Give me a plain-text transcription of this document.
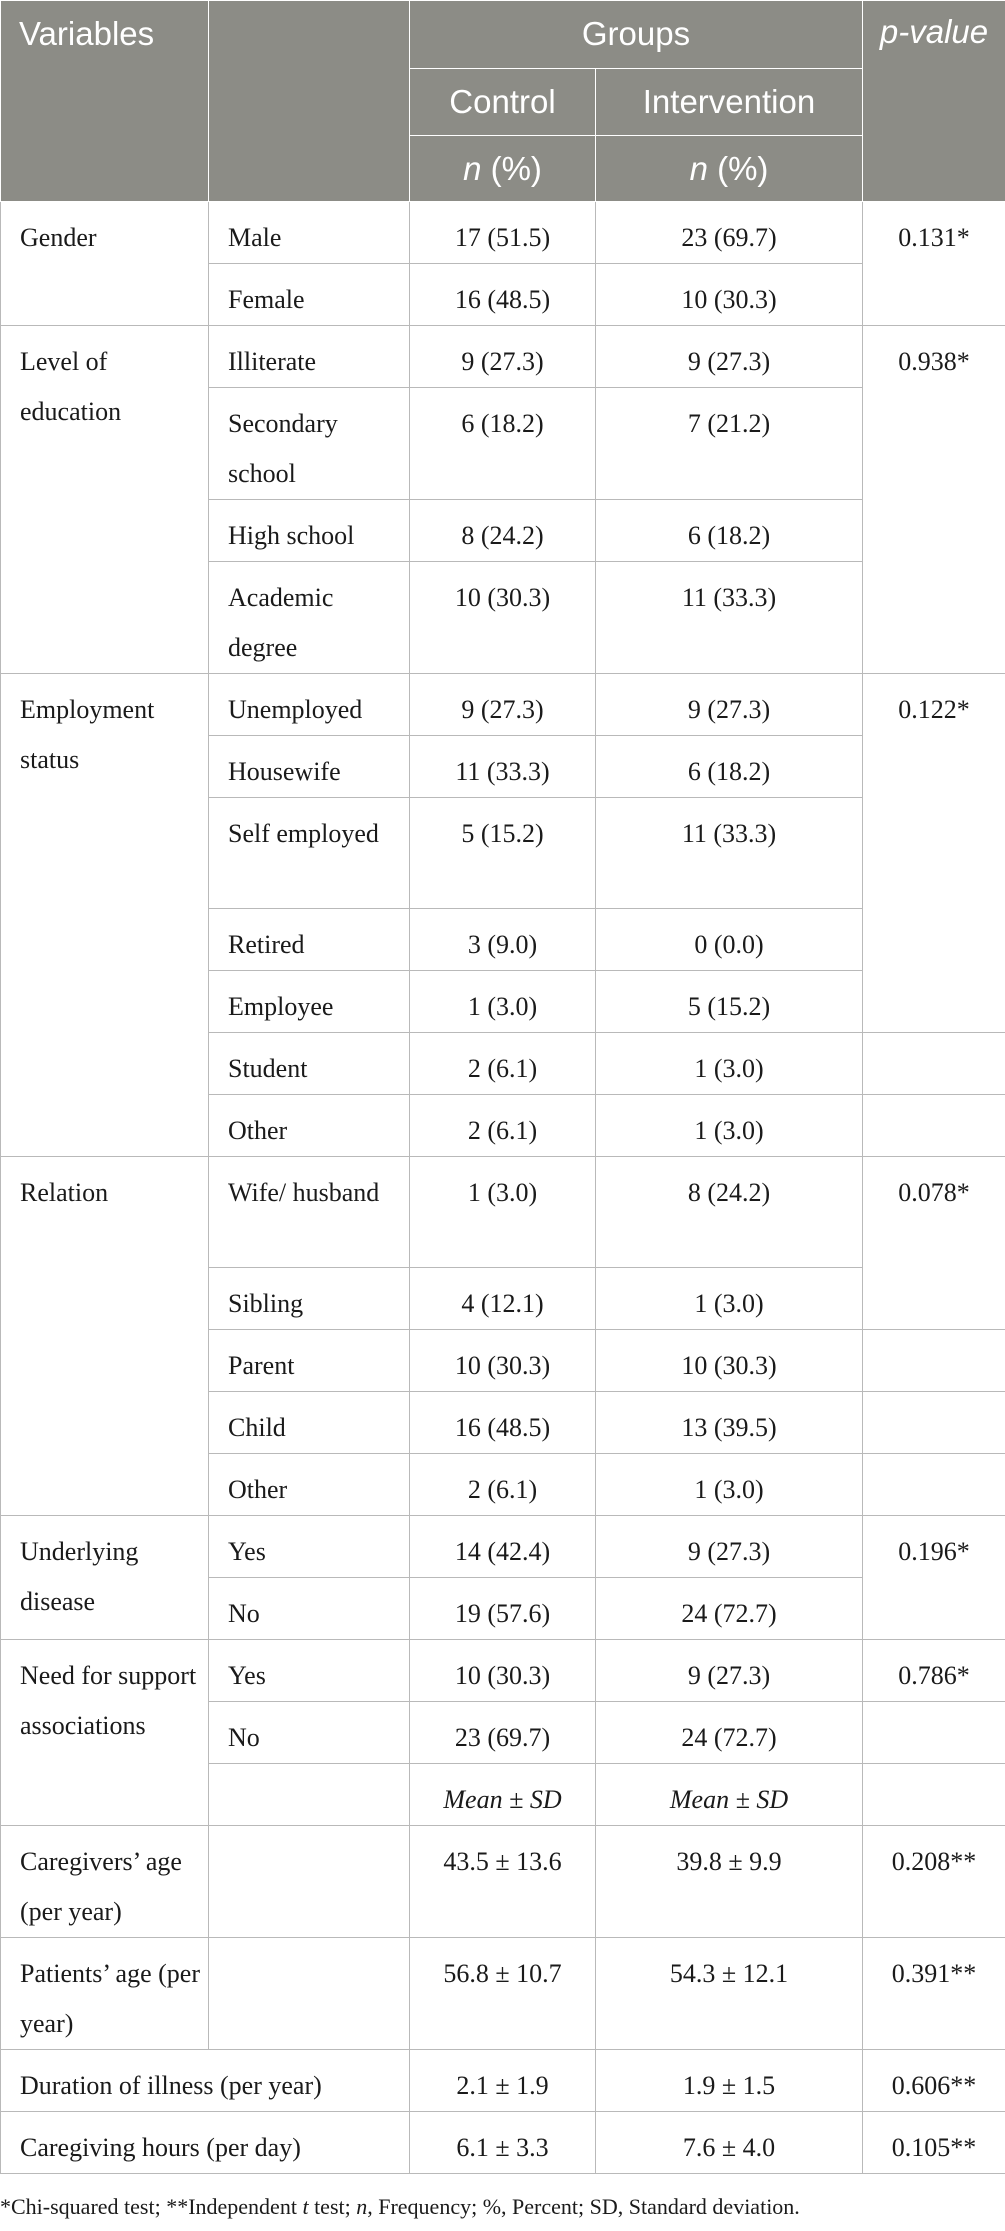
Variables		Groups		p-value
		Control	Intervention	
		n (%)	n (%)	
Gender	Male	17 (51.5)	23 (69.7)	0.131*
	Female	16 (48.5)	10 (30.3)	
Level of education	Illiterate	9 (27.3)	9 (27.3)	0.938*
	Secondary school	6 (18.2)	7 (21.2)	
	High school	8 (24.2)	6 (18.2)	
	Academic degree	10 (30.3)	11 (33.3)	
Employment status	Unemployed	9 (27.3)	9 (27.3)	0.122*
	Housewife	11 (33.3)	6 (18.2)	
	Self employed	5 (15.2)	11 (33.3)	
	Retired	3 (9.0)	0 (0.0)	
	Employee	1 (3.0)	5 (15.2)	
	Student	2 (6.1)	1 (3.0)	
	Other	2 (6.1)	1 (3.0)	
Relation	Wife/ husband	1 (3.0)	8 (24.2)	0.078*
	Sibling	4 (12.1)	1 (3.0)	
	Parent	10 (30.3)	10 (30.3)	
	Child	16 (48.5)	13 (39.5)	
	Other	2 (6.1)	1 (3.0)	
Underlying disease	Yes	14 (42.4)	9 (27.3)	0.196*
	No	19 (57.6)	24 (72.7)	
Need for support associations	Yes	10 (30.3)	9 (27.3)	0.786*
	No	23 (69.7)	24 (72.7)	
		Mean ± SD	Mean ± SD	
Caregivers’ age (per year)		43.5 ± 13.6	39.8 ± 9.9	0.208**
Patients’ age (per year)		56.8 ± 10.7	54.3 ± 12.1	0.391**
Duration of illness (per year)		2.1 ± 1.9	1.9 ± 1.5	0.606**
Caregiving hours (per day)		6.1 ± 3.3	7.6 ± 4.0	0.105**
*Chi-squared test; **Independent t test; n, Frequency; %, Percent; SD, Standard deviation.
